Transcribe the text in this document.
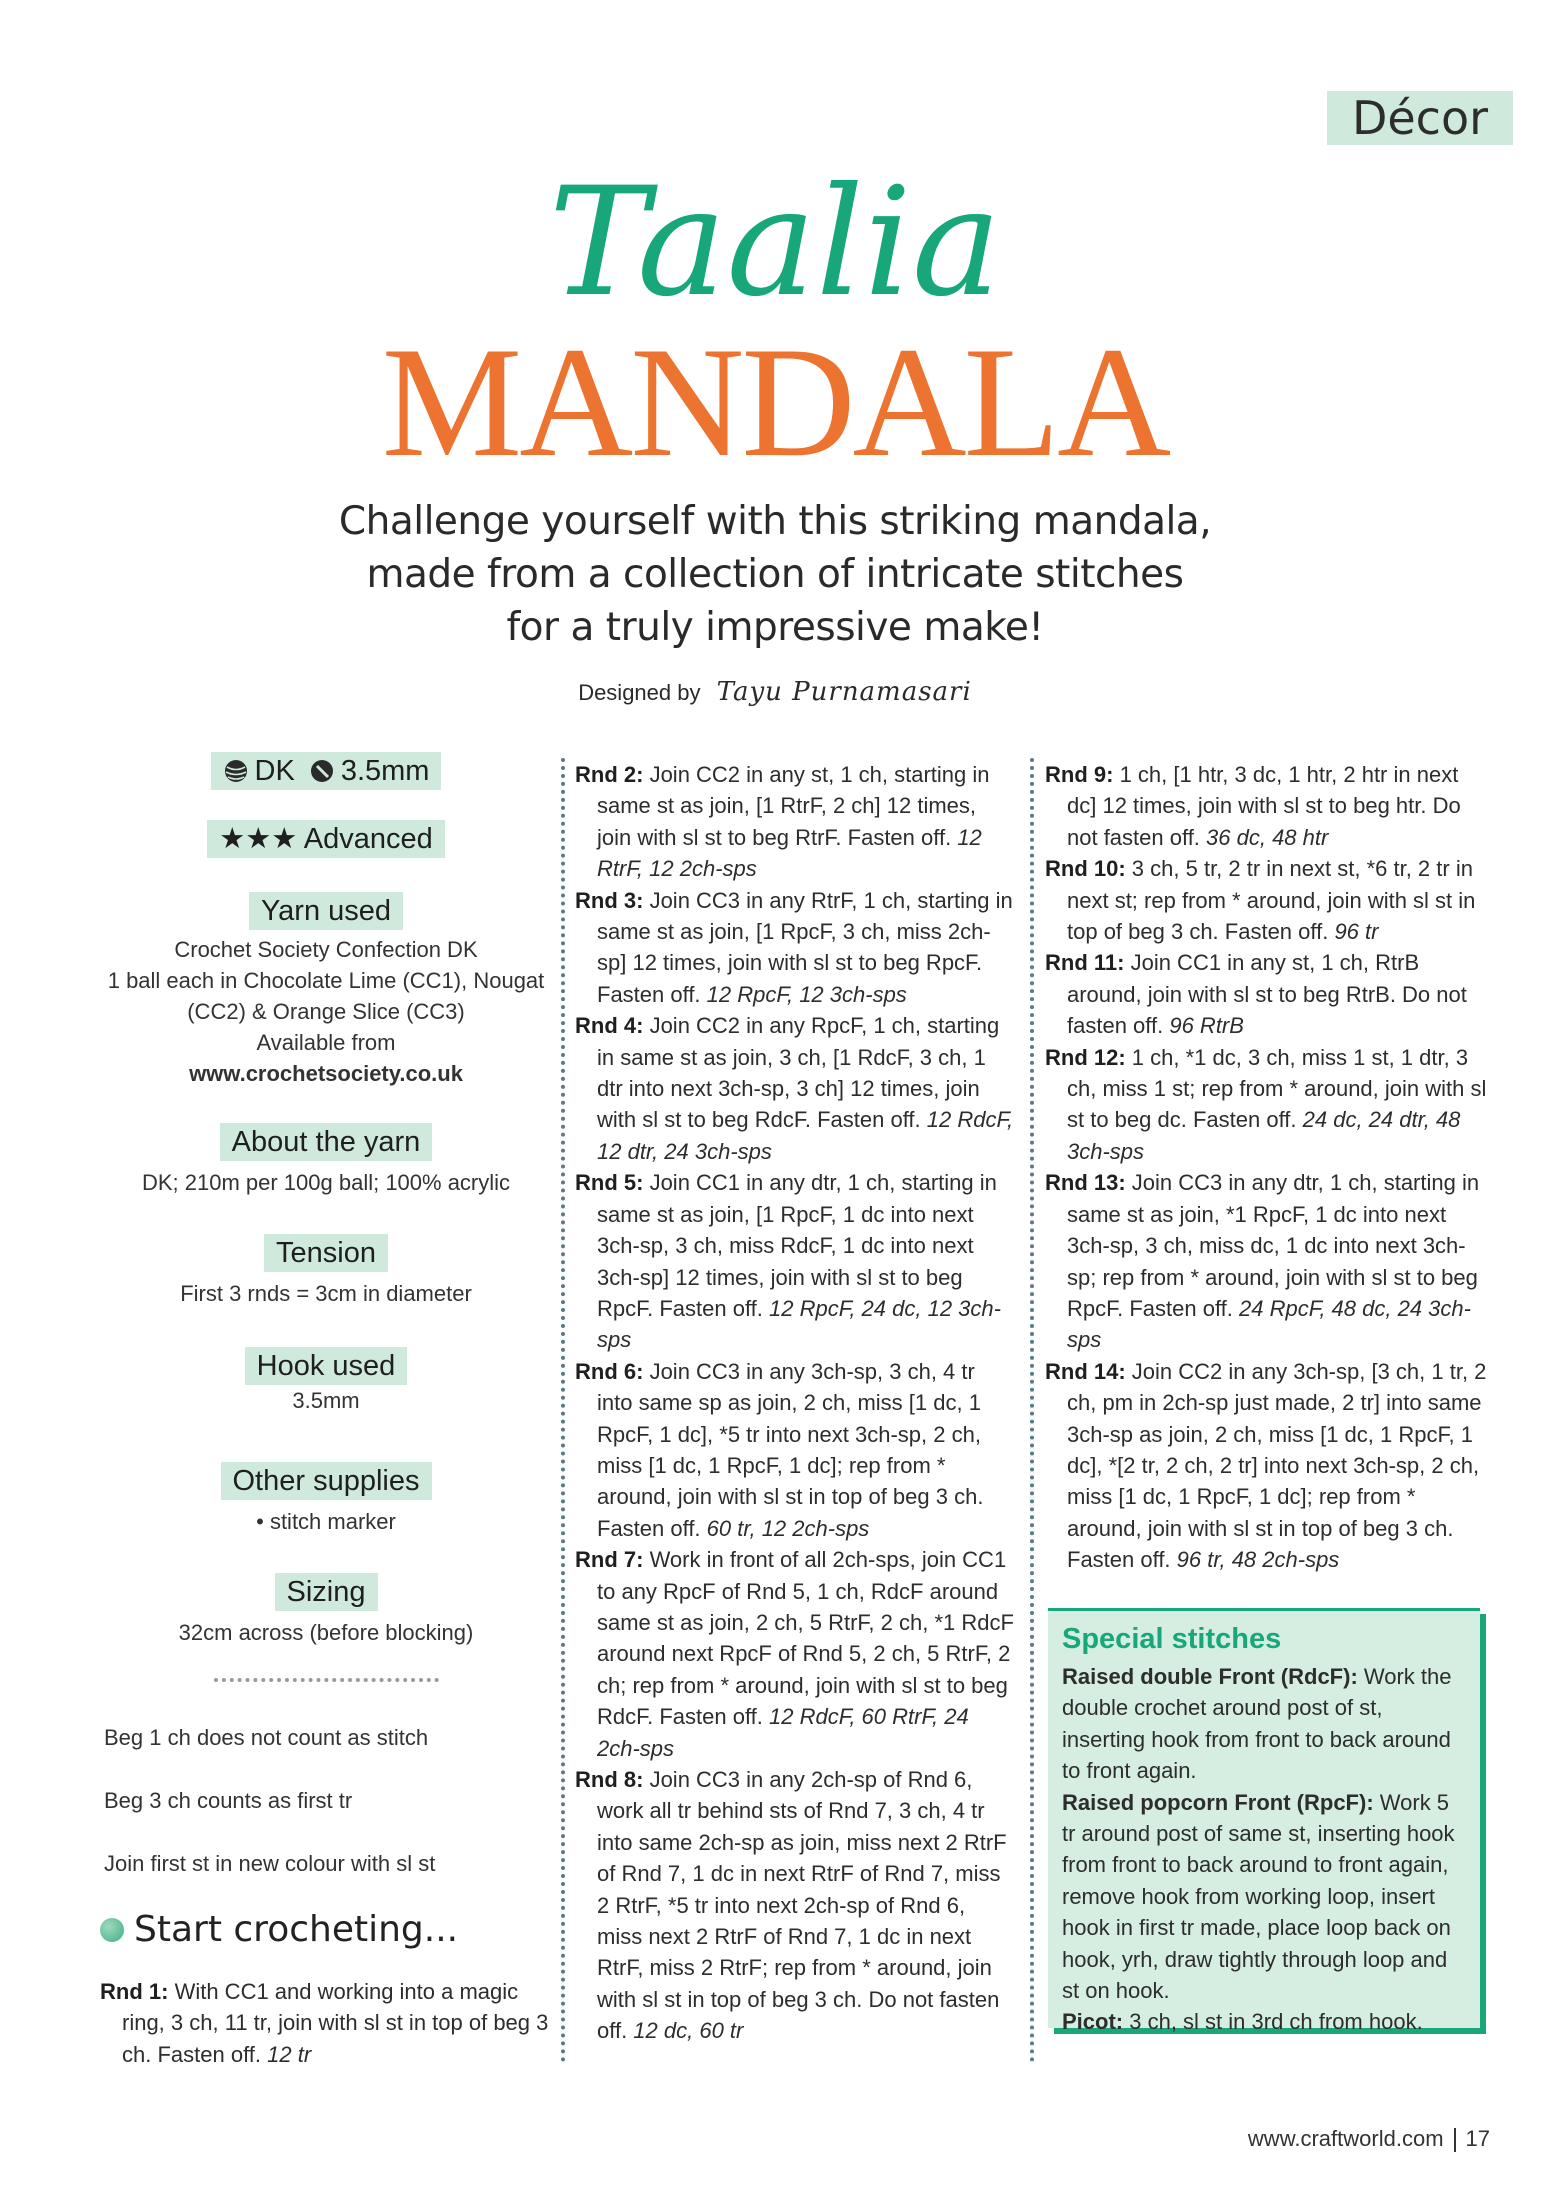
Décor
Taalia
MANDALA
Challenge yourself with this striking mandala,
made from a collection of intricate stitches
for a truly impressive make!
Designed by Tayu Purnamasari
DK 3.5mm
★★★ Advanced
Yarn used
Crochet Society Confection DK
1 ball each in Chocolate Lime (CC1), Nougat
(CC2) & Orange Slice (CC3)
Available from
www.crochetsociety.co.uk
About the yarn
DK; 210m per 100g ball; 100% acrylic
Tension
First 3 rnds = 3cm in diameter
Hook used
3.5mm
Other supplies
• stitch marker
Sizing
32cm across (before blocking)
Beg 1 ch does not count as stitch
Beg 3 ch counts as first tr
Join first st in new colour with sl st
Start crocheting...

Rnd 1: With CC1 and working into a magic ring, 3 ch, 11 tr, join with sl st in top of beg 3 ch. Fasten off. 12 tr

Rnd 2: Join CC2 in any st, 1 ch, starting in same st as join, [1 RtrF, 2 ch] 12 times, join with sl st to beg RtrF. Fasten off. 12 RtrF, 12 2ch-sps

Rnd 3: Join CC3 in any RtrF, 1 ch, starting in same st as join, [1 RpcF, 3 ch, miss 2ch-sp] 12 times, join with sl st to beg RpcF. Fasten off. 12 RpcF, 12 3ch-sps

Rnd 4: Join CC2 in any RpcF, 1 ch, starting in same st as join, 3 ch, [1 RdcF, 3 ch, 1 dtr into next 3ch-sp, 3 ch] 12 times, join with sl st to beg RdcF. Fasten off. 12 RdcF, 12 dtr, 24 3ch-sps

Rnd 5: Join CC1 in any dtr, 1 ch, starting in same st as join, [1 RpcF, 1 dc into next 3ch-sp, 3 ch, miss RdcF, 1 dc into next 3ch-sp] 12 times, join with sl st to beg RpcF. Fasten off. 12 RpcF, 24 dc, 12 3ch-sps

Rnd 6: Join CC3 in any 3ch-sp, 3 ch, 4 tr into same sp as join, 2 ch, miss [1 dc, 1 RpcF, 1 dc], *5 tr into next 3ch-sp, 2 ch, miss [1 dc, 1 RpcF, 1 dc]; rep from * around, join with sl st in top of beg 3 ch. Fasten off. 60 tr, 12 2ch-sps

Rnd 7: Work in front of all 2ch-sps, join CC1 to any RpcF of Rnd 5, 1 ch, RdcF around same st as join, 2 ch, 5 RtrF, 2 ch, *1 RdcF around next RpcF of Rnd 5, 2 ch, 5 RtrF, 2 ch; rep from * around, join with sl st to beg RdcF. Fasten off. 12 RdcF, 60 RtrF, 24 2ch-sps

Rnd 8: Join CC3 in any 2ch-sp of Rnd 6, work all tr behind sts of Rnd 7, 3 ch, 4 tr into same 2ch-sp as join, miss next 2 RtrF of Rnd 7, 1 dc in next RtrF of Rnd 7, miss 2 RtrF, *5 tr into next 2ch-sp of Rnd 6, miss next 2 RtrF of Rnd 7, 1 dc in next RtrF, miss 2 RtrF; rep from * around, join with sl st in top of beg 3 ch. Do not fasten off. 12 dc, 60 tr

Rnd 9: 1 ch, [1 htr, 3 dc, 1 htr, 2 htr in next dc] 12 times, join with sl st to beg htr. Do not fasten off. 36 dc, 48 htr

Rnd 10: 3 ch, 5 tr, 2 tr in next st, *6 tr, 2 tr in next st; rep from * around, join with sl st in top of beg 3 ch. Fasten off. 96 tr

Rnd 11: Join CC1 in any st, 1 ch, RtrB around, join with sl st to beg RtrB. Do not fasten off. 96 RtrB

Rnd 12: 1 ch, *1 dc, 3 ch, miss 1 st, 1 dtr, 3 ch, miss 1 st; rep from * around, join with sl st to beg dc. Fasten off. 24 dc, 24 dtr, 48 3ch-sps

Rnd 13: Join CC3 in any dtr, 1 ch, starting in same st as join, *1 RpcF, 1 dc into next 3ch-sp, 3 ch, miss dc, 1 dc into next 3ch-sp; rep from * around, join with sl st to beg RpcF. Fasten off. 24 RpcF, 48 dc, 24 3ch-sps

Rnd 14: Join CC2 in any 3ch-sp, [3 ch, 1 tr, 2 ch, pm in 2ch-sp just made, 2 tr] into same 3ch-sp as join, 2 ch, miss [1 dc, 1 RpcF, 1 dc], *[2 tr, 2 ch, 2 tr] into next 3ch-sp, 2 ch, miss [1 dc, 1 RpcF, 1 dc]; rep from * around, join with sl st in top of beg 3 ch. Fasten off. 96 tr, 48 2ch-sps

Special stitches

Raised double Front (RdcF): Work the double crochet around post of st, inserting hook from front to back around to front again.

Raised popcorn Front (RpcF): Work 5 tr around post of same st, inserting hook from front to back around to front again, remove hook from working loop, insert hook in first tr made, place loop back on hook, yrh, draw tightly through loop and st on hook.

Picot: 3 ch, sl st in 3rd ch from hook.

www.craftworld.com 17
